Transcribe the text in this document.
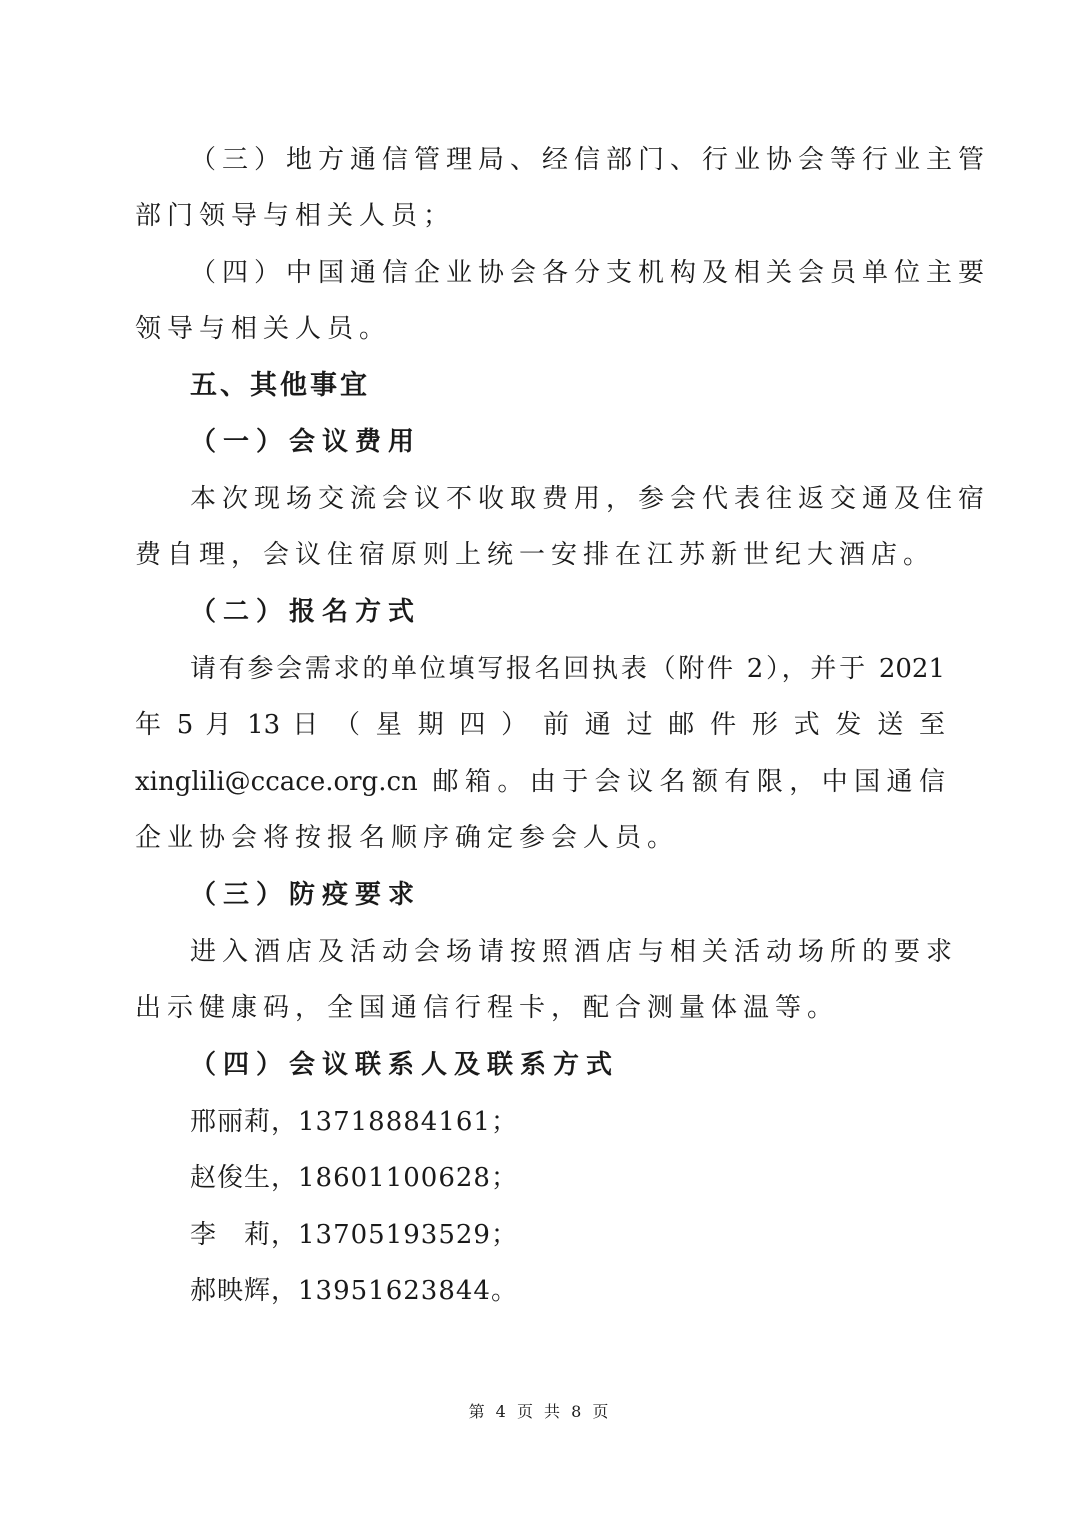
（三）地方通信管理局、经信部门、行业协会等行业主管
部门领导与相关人员；
（四）中国通信企业协会各分支机构及相关会员单位主要
领导与相关人员。
五、其他事宜
（一）会议费用
本次现场交流会议不收取费用，参会代表往返交通及住宿
费自理，会议住宿原则上统一安排在江苏新世纪大酒店。
（二）报名方式
请有参会需求的单位填写报名回执表（附件 2），并于 2021
年 5 月 13 日 （ 星 期 四 ） 前 通 过 邮 件 形 式 发 送 至
xinglili@ccace.org.cn 邮箱。由于会议名额有限，中国通信
企业协会将按报名顺序确定参会人员。
（三）防疫要求
进入酒店及活动会场请按照酒店与相关活动场所的要求
出示健康码，全国通信行程卡，配合测量体温等。
（四）会议联系人及联系方式
邢丽莉，13718884161；
赵俊生，18601100628；
李　莉，13705193529；
郝映辉，13951623844。
第 4 页 共 8 页
